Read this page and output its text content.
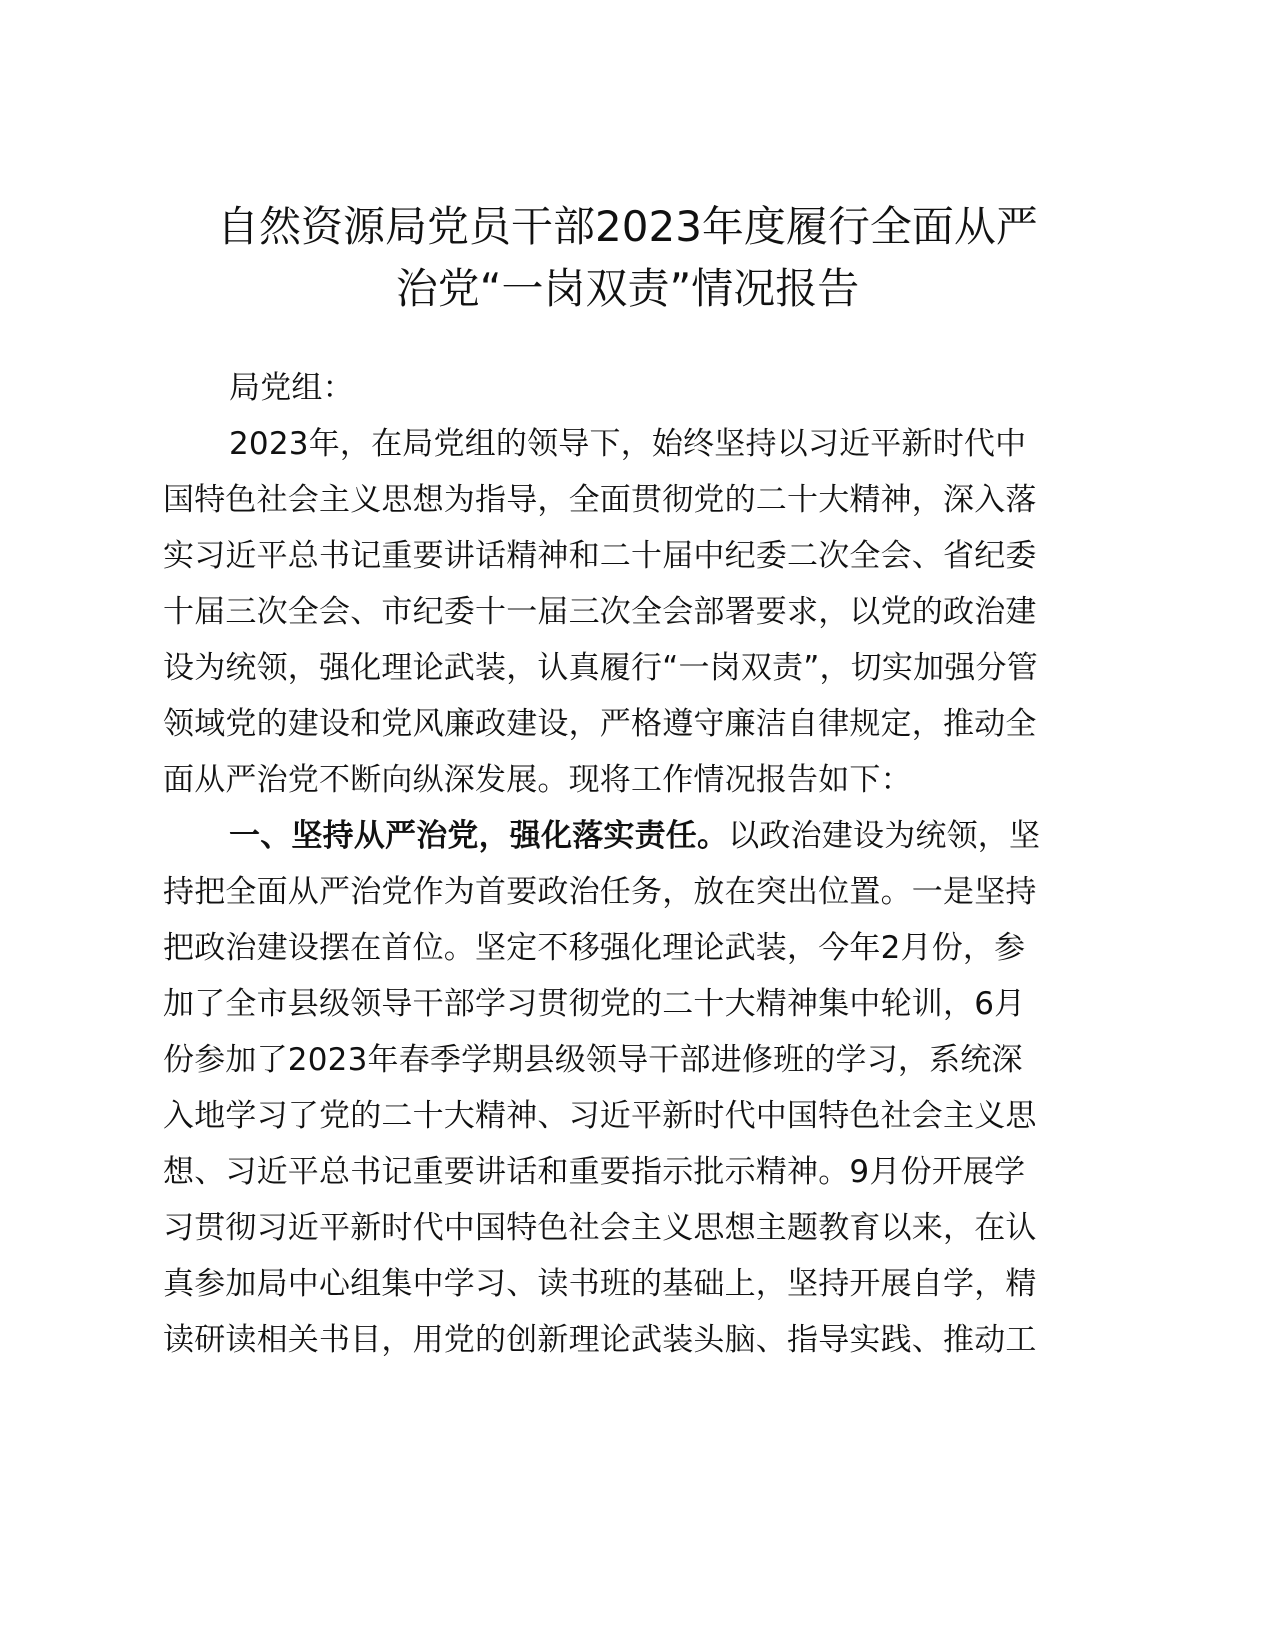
自然资源局党员干部2023年度履行全面从严
治党“一岗双责”情况报告
局党组：
2023年，在局党组的领导下，始终坚持以习近平新时代中
国特色社会主义思想为指导，全面贯彻党的二十大精神，深入落
实习近平总书记重要讲话精神和二十届中纪委二次全会、省纪委
十届三次全会、市纪委十一届三次全会部署要求，以党的政治建
设为统领，强化理论武装，认真履行“一岗双责”，切实加强分管
领域党的建设和党风廉政建设，严格遵守廉洁自律规定，推动全
面从严治党不断向纵深发展。现将工作情况报告如下：
一、坚持从严治党，强化落实责任。以政治建设为统领，坚
持把全面从严治党作为首要政治任务，放在突出位置。一是坚持
把政治建设摆在首位。坚定不移强化理论武装，今年2月份，参
加了全市县级领导干部学习贯彻党的二十大精神集中轮训，6月
份参加了2023年春季学期县级领导干部进修班的学习，系统深
入地学习了党的二十大精神、习近平新时代中国特色社会主义思
想、习近平总书记重要讲话和重要指示批示精神。9月份开展学
习贯彻习近平新时代中国特色社会主义思想主题教育以来，在认
真参加局中心组集中学习、读书班的基础上，坚持开展自学，精
读研读相关书目，用党的创新理论武装头脑、指导实践、推动工
